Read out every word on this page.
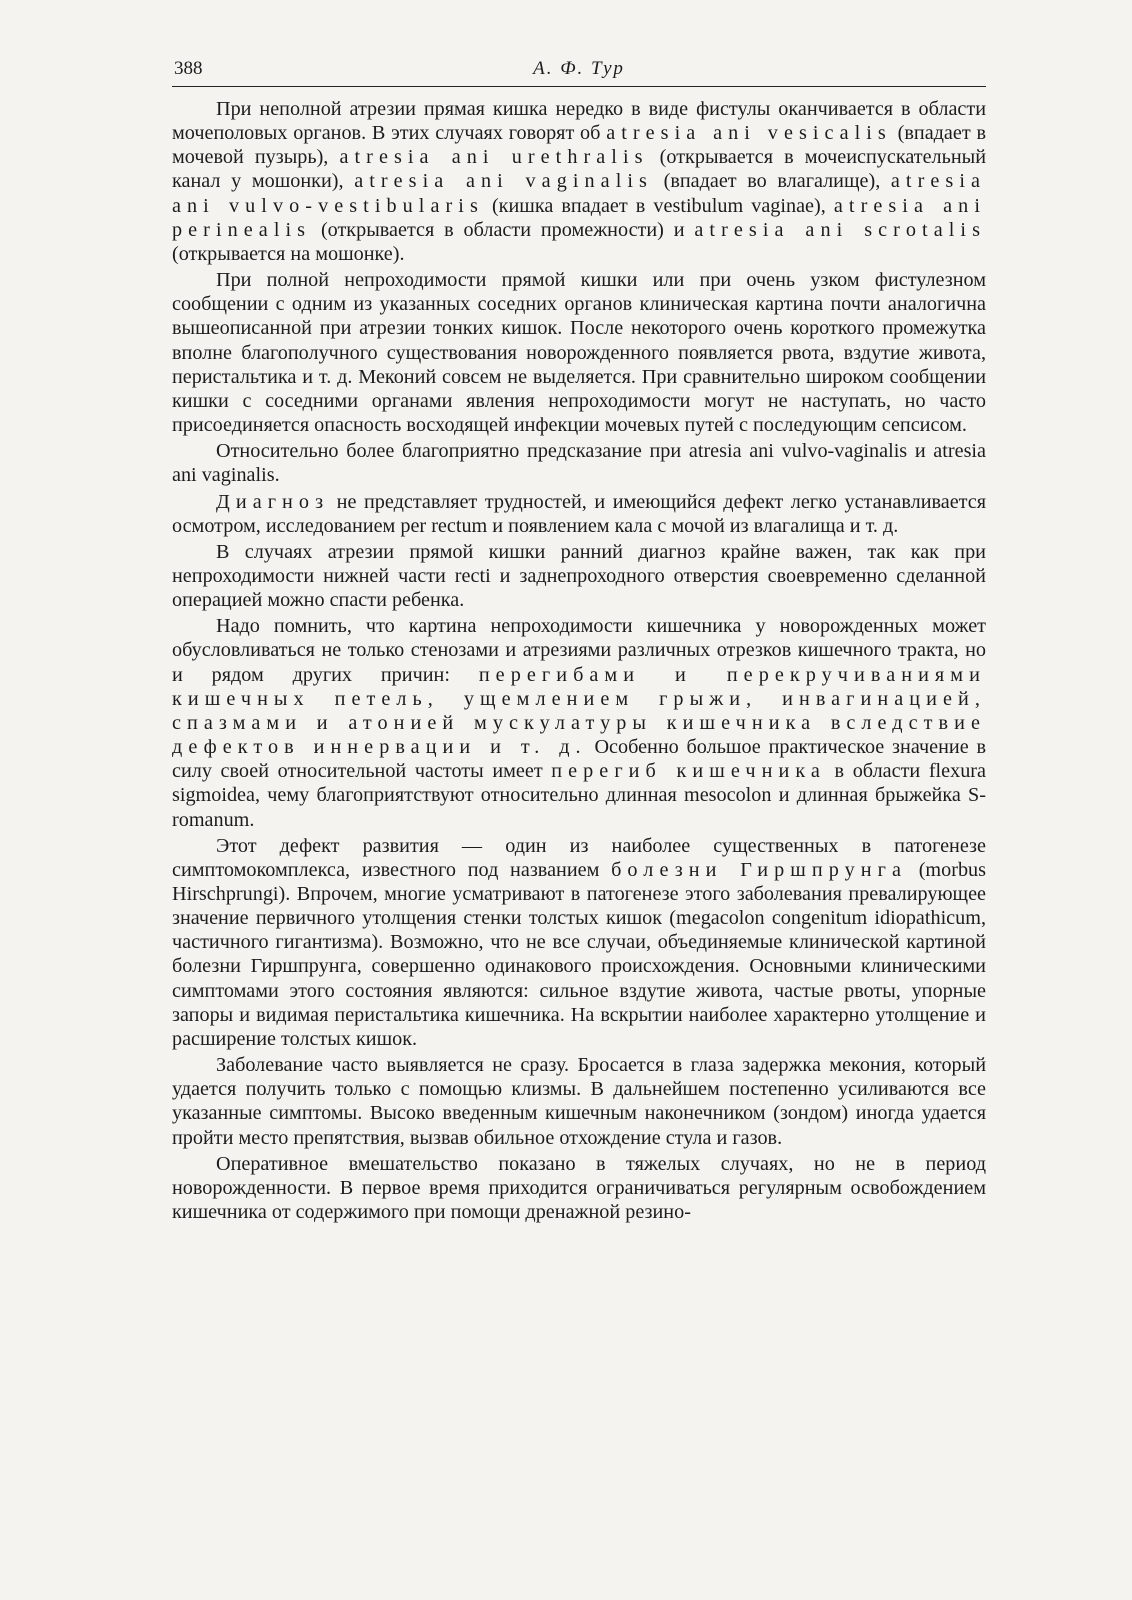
388	А. Ф. Тур

При неполной атрезии прямая кишка нередко в виде фистулы оканчивается в области мочеполовых органов. В этих случаях говорят об atresia ani vesicalis (впадает в мочевой пузырь), atresia ani urethralis (открывается в мочеиспускательный канал у мошонки), atresia ani vaginalis (впадает во влагалище), atresia ani vulvo-vestibularis (кишка впадает в vestibulum vaginae), atresia ani perinealis (открывается в области промежности) и atresia ani scrotalis (открывается на мошонке).

При полной непроходимости прямой кишки или при очень узком фистулезном сообщении с одним из указанных соседних органов клиническая картина почти аналогична вышеописанной при атрезии тонких кишок. После некоторого очень короткого промежутка вполне благополучного существования новорожденного появляется рвота, вздутие живота, перистальтика и т. д. Меконий совсем не выделяется. При сравнительно широком сообщении кишки с соседними органами явления непроходимости могут не наступать, но часто присоединяется опасность восходящей инфекции мочевых путей с последующим сепсисом.

Относительно более благоприятно предсказание при atresia ani vulvo-vaginalis и atresia ani vaginalis.

Диагноз не представляет трудностей, и имеющийся дефект легко устанавливается осмотром, исследованием per rectum и появлением кала с мочой из влагалища и т. д.

В случаях атрезии прямой кишки ранний диагноз крайне важен, так как при непроходимости нижней части recti и заднепроходного отверстия своевременно сделанной операцией можно спасти ребенка.

Надо помнить, что картина непроходимости кишечника у новорожденных может обусловливаться не только стенозами и атрезиями различных отрезков кишечного тракта, но и рядом других причин: перегибами и перекручиваниями кишечных петель, ущемлением грыжи, инвагинацией, спазмами и атонией мускулатуры кишечника вследствие дефектов иннервации и т. д. Особенно большое практическое значение в силу своей относительной частоты имеет перегиб кишечника в области flexura sigmoidea, чему благоприятствуют относительно длинная mesocolon и длинная брыжейка S-romanum.

Этот дефект развития — один из наиболее существенных в патогенезе симптомокомплекса, известного под названием болезни Гиршпрунга (morbus Hirschprungi). Впрочем, многие усматривают в патогенезе этого заболевания превалирующее значение первичного утолщения стенки толстых кишок (megacolon congenitum idiopathicum, частичного гигантизма). Возможно, что не все случаи, объединяемые клинической картиной болезни Гиршпрунга, совершенно одинакового происхождения. Основными клиническими симптомами этого состояния являются: сильное вздутие живота, частые рвоты, упорные запоры и видимая перистальтика кишечника. На вскрытии наиболее характерно утолщение и расширение толстых кишок.

Заболевание часто выявляется не сразу. Бросается в глаза задержка мекония, который удается получить только с помощью клизмы. В дальнейшем постепенно усиливаются все указанные симптомы. Высоко введенным кишечным наконечником (зондом) иногда удается пройти место препятствия, вызвав обильное отхождение стула и газов.

Оперативное вмешательство показано в тяжелых случаях, но не в период новорожденности. В первое время приходится ограничиваться регулярным освобождением кишечника от содержимого при помощи дренажной резино-
